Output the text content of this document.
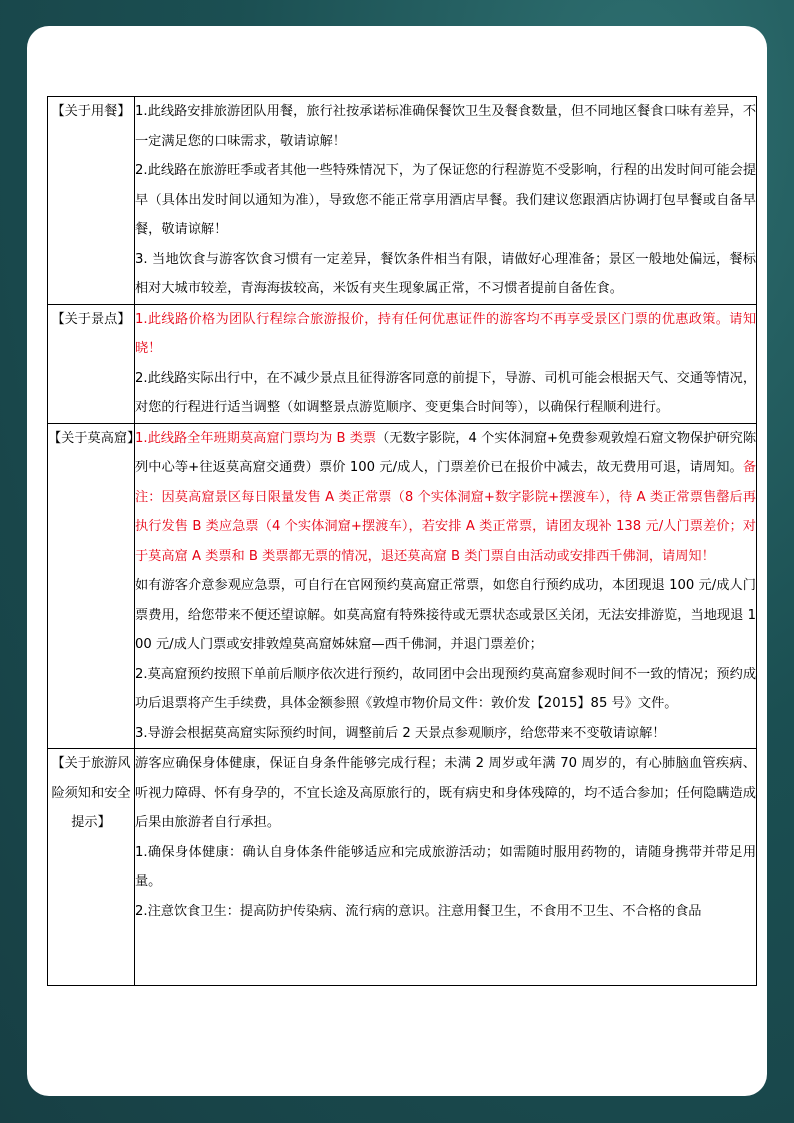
【关于用餐】	1.此线路安排旅游团队用餐，旅行社按承诺标准确保餐饮卫生及餐食数量，但不同地区餐食口味有差异，不一定满足您的口味需求，敬请谅解！

2.此线路在旅游旺季或者其他一些特殊情况下，为了保证您的行程游览不受影响，行程的出发时间可能会提早（具体出发时间以通知为准），导致您不能正常享用酒店早餐。我们建议您跟酒店协调打包早餐或自备早餐，敬请谅解！

3. 当地饮食与游客饮食习惯有一定差异，餐饮条件相当有限，请做好心理准备；景区一般地处偏远，餐标相对大城市较差，青海海拔较高，米饭有夹生现象属正常，不习惯者提前自备佐食。

【关于景点】	1.此线路价格为团队行程综合旅游报价，持有任何优惠证件的游客均不再享受景区门票的优惠政策。请知晓！

2.此线路实际出行中，在不减少景点且征得游客同意的前提下，导游、司机可能会根据天气、交通等情况，对您的行程进行适当调整（如调整景点游览顺序、变更集合时间等），以确保行程顺利进行。

【关于莫高窟】	1.此线路全年班期莫高窟门票均为 B 类票（无数字影院，4 个实体洞窟+免费参观敦煌石窟文物保护研究陈列中心等+往返莫高窟交通费）票价 100 元/成人，门票差价已在报价中减去，故无费用可退，请周知。备注：因莫高窟景区每日限量发售 A 类正常票（8 个实体洞窟+数字影院+摆渡车），待 A 类正常票售罄后再执行发售 B 类应急票（4 个实体洞窟+摆渡车），若安排 A 类正常票，请团友现补 138 元/人门票差价；对于莫高窟 A 类票和 B 类票都无票的情况，退还莫高窟 B 类门票自由活动或安排西千佛洞，请周知！

如有游客介意参观应急票，可自行在官网预约莫高窟正常票，如您自行预约成功，本团现退 100 元/成人门票费用，给您带来不便还望谅解。如莫高窟有特殊接待或无票状态或景区关闭，无法安排游览，当地现退 100 元/成人门票或安排敦煌莫高窟姊妹窟—西千佛洞，并退门票差价；

2.莫高窟预约按照下单前后顺序依次进行预约，故同团中会出现预约莫高窟参观时间不一致的情况；预约成功后退票将产生手续费，具体金额参照《敦煌市物价局文件：敦价发【2015】85 号》文件。

3.导游会根据莫高窟实际预约时间，调整前后 2 天景点参观顺序，给您带来不变敬请谅解！

【关于旅游风险须知和安全提示】	游客应确保身体健康，保证自身条件能够完成行程；未满 2 周岁或年满 70 周岁的，有心肺脑血管疾病、听视力障碍、怀有身孕的，不宜长途及高原旅行的，既有病史和身体残障的，均不适合参加；任何隐瞒造成后果由旅游者自行承担。

1.确保身体健康：确认自身体条件能够适应和完成旅游活动；如需随时服用药物的，请随身携带并带足用量。

2.注意饮食卫生：提高防护传染病、流行病的意识。注意用餐卫生，不食用不卫生、不合格的食品
